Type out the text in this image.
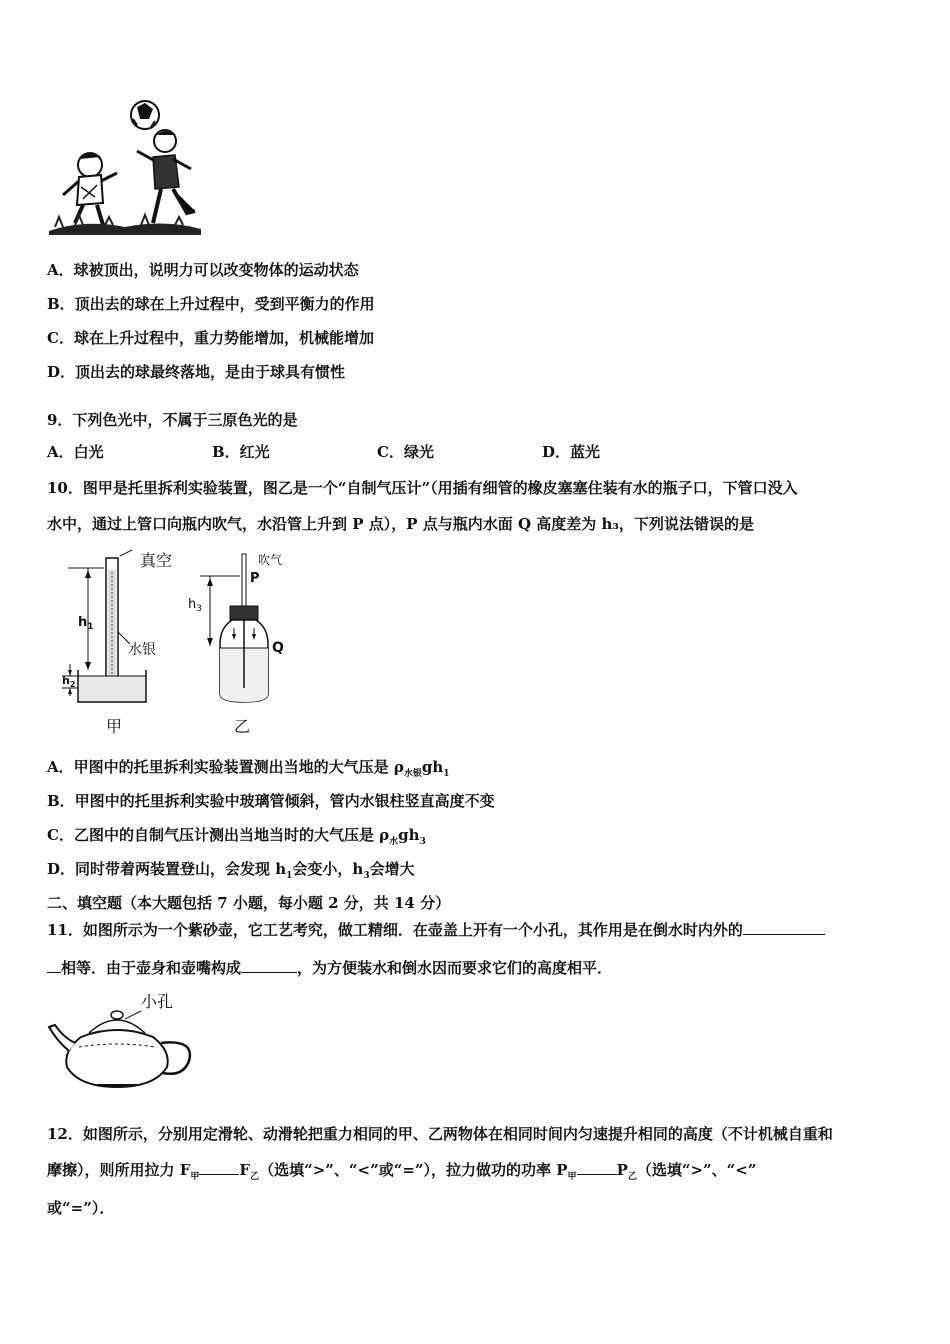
A．球被顶出，说明力可以改变物体的运动状态
B．顶出去的球在上升过程中，受到平衡力的作用
C．球在上升过程中，重力势能增加，机械能增加
D．顶出去的球最终落地，是由于球具有惯性
9．下列色光中，不属于三原色光的是
A．白光	B．红光	C．绿光	D．蓝光
10．图甲是托里拆利实验装置，图乙是一个“自制气压计”（用插有细管的橡皮塞塞住装有水的瓶子口，下管口没入
水中，通过上管口向瓶内吹气，水沿管上升到 P 点），P 点与瓶内水面 Q 高度差为 h₃，下列说法错误的是
真空
$h_1$
$h_2$
水银
甲
吹气
P
$h_3$
Q
乙
A．甲图中的托里拆利实验装置测出当地的大气压是 $\rho_{水银}gh_1$
B．甲图中的托里拆利实验中玻璃管倾斜，管内水银柱竖直高度不变
C．乙图中的自制气压计测出当地当时的大气压是 $\rho_水gh_3$
D．同时带着两装置登山，会发现 $h_1$会变小，$h_3$会增大
二、填空题（本大题包括 7 小题，每小题 2 分，共 14 分）
11．如图所示为一个紫砂壶，它工艺考究，做工精细．在壶盖上开有一个小孔，其作用是在倒水时内外的
相等．由于壶身和壶嘴构成	，为方便装水和倒水因而要求它们的高度相平．
小孔
12．如图所示，分别用定滑轮、动滑轮把重力相同的甲、乙两物体在相同时间内匀速提升相同的高度（不计机械自重和
摩擦），则所用拉力 $F_甲$	$F_乙$（选填“>”、“<”或“=”），拉力做功的功率 $P_甲$	$P_乙$（选填“>”、“<”
或“=”）．
